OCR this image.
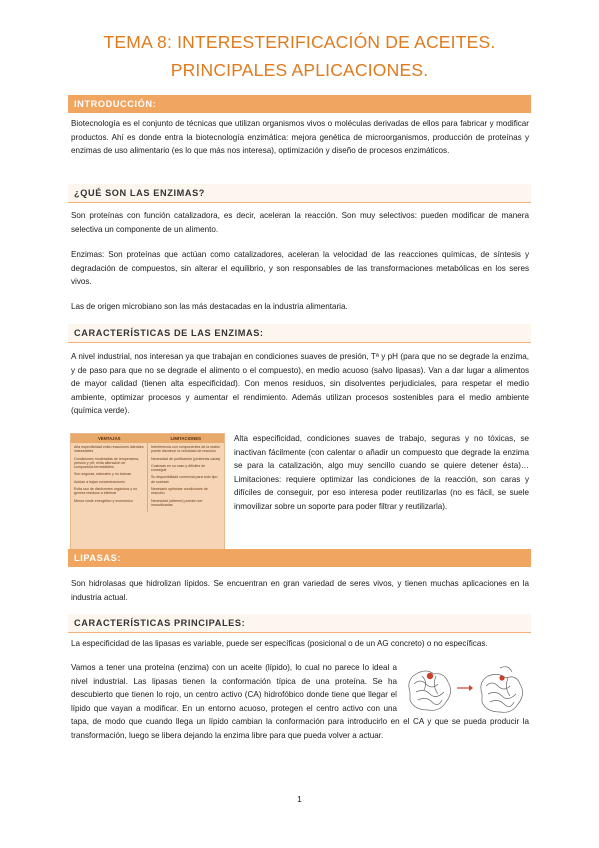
TEMA 8: INTERESTERIFICACIÓN DE ACEITES.
PRINCIPALES APLICACIONES.
INTRODUCCIÓN:

Biotecnología es el conjunto de técnicas que utilizan organismos vivos o moléculas derivadas de ellos para fabricar y modificar productos. Ahí es donde entra la biotecnología enzimática: mejora genética de microorganismos, producción de proteínas y enzimas de uso alimentario (es lo que más nos interesa), optimización y diseño de procesos enzimáticos.

¿QUÉ SON LAS ENZIMAS?

Son proteínas con función catalizadora, es decir, aceleran la reacción. Son muy selectivos: pueden modificar de manera selectiva un componente de un alimento.

Enzimas: Son proteínas que actúan como catalizadores, aceleran la velocidad de las reacciones químicas, de síntesis y degradación de compuestos, sin alterar el equilibrio, y son responsables de las transformaciones metabólicas en los seres vivos.

Las de origen microbiano son las más destacadas en la industria alimentaria.

CARACTERÍSTICAS DE LAS ENZIMAS:

A nivel industrial, nos interesan ya que trabajan en condiciones suaves de presión, Tª y pH (para que no se degrade la enzima, y de paso para que no se degrade el alimento o el compuesto), en medio acuoso (salvo lipasas). Van a dar lugar a alimentos de mayor calidad (tienen alta especificidad). Con menos residuos, sin disolventes perjudiciales, para respetar el medio ambiente, optimizar procesos y aumentar el rendimiento. Además utilizan procesos sostenibles para el medio ambiente (química verde).

VENTAJAS	LIMITACIONES
Alta especificidad evita reacciones laterales indeseables
Condiciones moderadas de temperatura, presión y pH; evita alteración de compuestos termolábiles
Son seguras, naturales y no tóxicas
Actúan a bajas concentraciones
Evita uso de disolventes orgánicos y no genera residuos a eliminar
Menor coste energético y económico
Interferencia con componentes de la matriz puede disminuir la velocidad de reacción
Necesidad de purificación (proteínas caras)
Costosas en su caso y difíciles de conseguir
Su disponibilidad comercial para todo tipo de sustrato
Necesario optimizar condiciones de reacción
Necesidad (obtener) pueden ser inmovilizadas

Alta especificidad, condiciones suaves de trabajo, seguras y no tóxicas, se inactivan fácilmente (con calentar o añadir un compuesto que degrade la enzima se para la catalización, algo muy sencillo cuando se quiere detener ésta)… Limitaciones: requiere optimizar las condiciones de la reacción, son caras y difíciles de conseguir, por eso interesa poder reutilizarlas (no es fácil, se suele inmovilizar sobre un soporte para poder filtrar y reutilizarla).

LIPASAS:

Son hidrolasas que hidrolizan lípidos. Se encuentran en gran variedad de seres vivos, y tienen muchas aplicaciones en la industria actual.

CARACTERÍSTICAS PRINCIPALES:

La especificidad de las lipasas es variable, puede ser específicas (posicional o de un AG concreto) o no específicas.

Vamos a tener una proteína (enzima) con un aceite (lípido), lo cual no parece lo ideal a nivel industrial. Las lipasas tienen la conformación típica de una proteína. Se ha descubierto que tienen lo rojo, un centro activo (CA) hidrofóbico donde tiene que llegar el lípido que vayan a modificar. En un entorno acuoso, protegen el centro activo con una tapa, de modo que cuando llega un lípido cambian la conformación para introducirlo en el CA y que se pueda producir la transformación, luego se libera dejando la enzima libre para que pueda volver a actuar.

1
